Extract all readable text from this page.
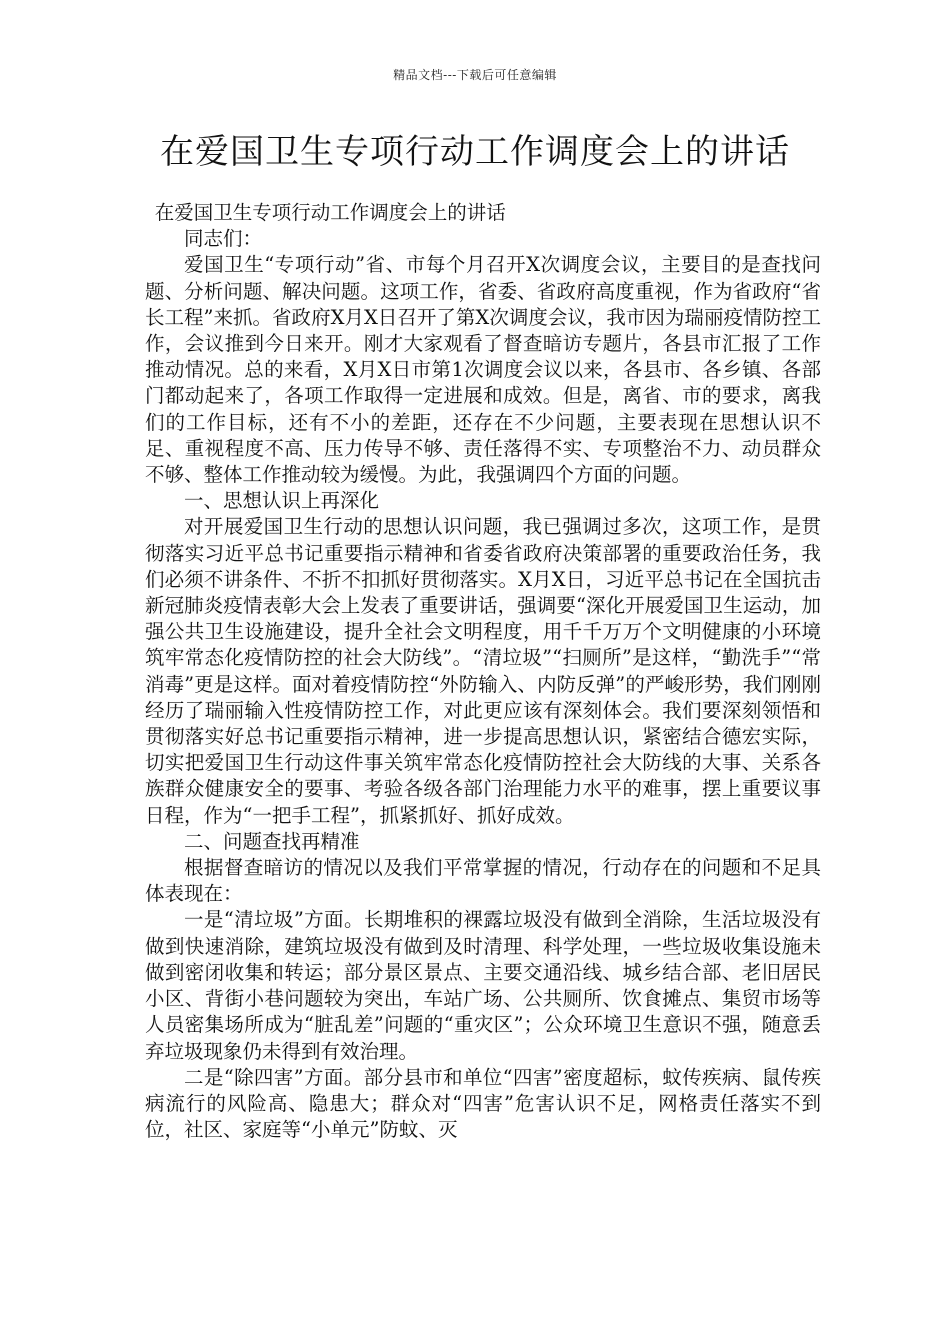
精品文档---下载后可任意编辑
在爱国卫生专项行动工作调度会上的讲话

在爱国卫生专项行动工作调度会上的讲话

同志们：

爱国卫生“专项行动”省、市每个月召开X次调度会议，主要目的是查找问题、分析问题、解决问题。这项工作，省委、省政府高度重视，作为省政府“省长工程”来抓。省政府X月X日召开了第X次调度会议，我市因为瑞丽疫情防控工作，会议推到今日来开。刚才大家观看了督查暗访专题片，各县市汇报了工作推动情况。总的来看，X月X日市第1次调度会议以来，各县市、各乡镇、各部门都动起来了，各项工作取得一定进展和成效。但是，离省、市的要求，离我们的工作目标，还有不小的差距，还存在不少问题，主要表现在思想认识不足、重视程度不高、压力传导不够、责任落得不实、专项整治不力、动员群众不够、整体工作推动较为缓慢。为此，我强调四个方面的问题。

一、思想认识上再深化

对开展爱国卫生行动的思想认识问题，我已强调过多次，这项工作，是贯彻落实习近平总书记重要指示精神和省委省政府决策部署的重要政治任务，我们必须不讲条件、不折不扣抓好贯彻落实。X月X日，习近平总书记在全国抗击新冠肺炎疫情表彰大会上发表了重要讲话，强调要“深化开展爱国卫生运动，加强公共卫生设施建设，提升全社会文明程度，用千千万万个文明健康的小环境筑牢常态化疫情防控的社会大防线”。“清垃圾”“扫厕所”是这样，“勤洗手”“常消毒”更是这样。面对着疫情防控“外防输入、内防反弹”的严峻形势，我们刚刚经历了瑞丽输入性疫情防控工作，对此更应该有深刻体会。我们要深刻领悟和贯彻落实好总书记重要指示精神，进一步提高思想认识，紧密结合德宏实际，切实把爱国卫生行动这件事关筑牢常态化疫情防控社会大防线的大事、关系各族群众健康安全的要事、考验各级各部门治理能力水平的难事，摆上重要议事日程，作为“一把手工程”，抓紧抓好、抓好成效。

二、问题查找再精准

根据督查暗访的情况以及我们平常掌握的情况，行动存在的问题和不足具体表现在：

一是“清垃圾”方面。长期堆积的裸露垃圾没有做到全消除，生活垃圾没有做到快速消除，建筑垃圾没有做到及时清理、科学处理，一些垃圾收集设施未做到密闭收集和转运；部分景区景点、主要交通沿线、城乡结合部、老旧居民小区、背街小巷问题较为突出，车站广场、公共厕所、饮食摊点、集贸市场等人员密集场所成为“脏乱差”问题的“重灾区”；公众环境卫生意识不强，随意丢弃垃圾现象仍未得到有效治理。

二是“除四害”方面。部分县市和单位“四害”密度超标，蚊传疾病、鼠传疾病流行的风险高、隐患大；群众对“四害”危害认识不足，网格责任落实不到位，社区、家庭等“小单元”防蚊、灭
